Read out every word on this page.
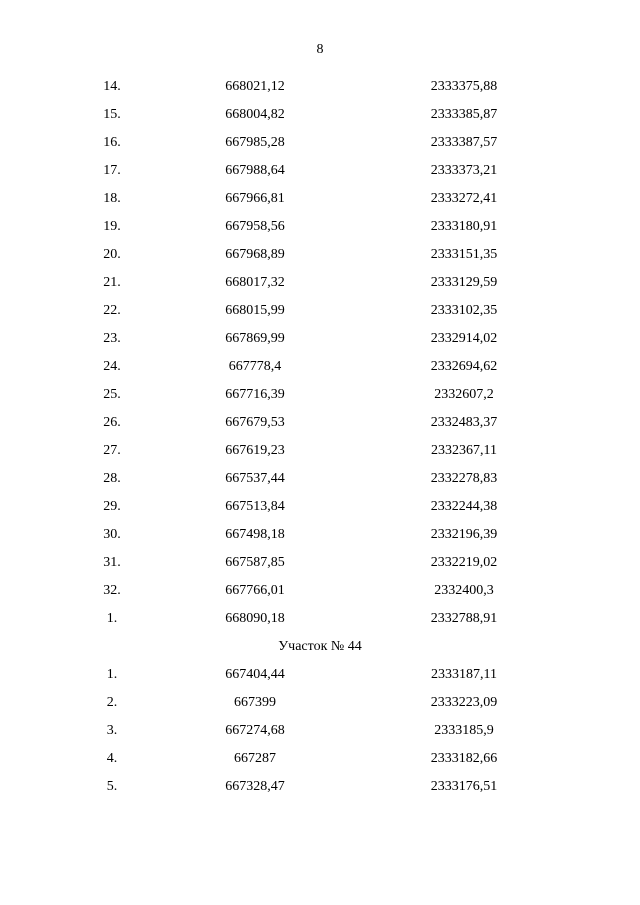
8
14.	668021,12	2333375,88
15.	668004,82	2333385,87
16.	667985,28	2333387,57
17.	667988,64	2333373,21
18.	667966,81	2333272,41
19.	667958,56	2333180,91
20.	667968,89	2333151,35
21.	668017,32	2333129,59
22.	668015,99	2333102,35
23.	667869,99	2332914,02
24.	667778,4	2332694,62
25.	667716,39	2332607,2
26.	667679,53	2332483,37
27.	667619,23	2332367,11
28.	667537,44	2332278,83
29.	667513,84	2332244,38
30.	667498,18	2332196,39
31.	667587,85	2332219,02
32.	667766,01	2332400,3
1.	668090,18	2332788,91
Участок № 44
1.	667404,44	2333187,11
2.	667399	2333223,09
3.	667274,68	2333185,9
4.	667287	2333182,66
5.	667328,47	2333176,51
